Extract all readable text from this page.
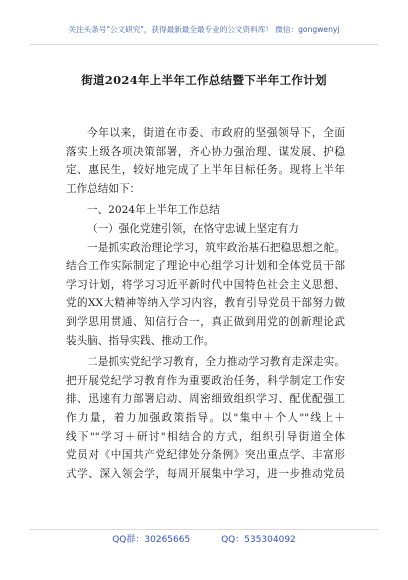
关注头条号"公文研究"，获得最新最全最专业的公文资料库！ 微信：gongwenyj
街道2024年上半年工作总结暨下半年工作计划
今年以来，街道在市委、市政府的坚强领导下，全面
落实上级各项决策部署，齐心协力强治理、谋发展、护稳
定、惠民生，较好地完成了上半年目标任务。现将上半年
工作总结如下：
一、2024年上半年工作总结
（一）强化党建引领，在恪守忠诚上坚定有力
一是抓实政治理论学习，筑牢政治基石把稳思想之舵。
结合工作实际制定了理论中心组学习计划和全体党员干部
学习计划，将学习习近平新时代中国特色社会主义思想、
党的XX大精神等纳入学习内容，教育引导党员干部努力做
到学思用贯通、知信行合一，真正做到用党的创新理论武
装头脑、指导实践、推动工作。
二是抓实党纪学习教育，全力推动学习教育走深走实。
把开展党纪学习教育作为重要政治任务，科学制定工作安
排、迅速有力部署启动、周密细致组织学习、配优配强工
作力量，着力加强政策指导。以"集中＋个人""线上＋
线下""学习＋研讨"相结合的方式，组织引导街道全体
党员对《中国共产党纪律处分条例》突出重点学、丰富形
式学、深入领会学，每周开展集中学习，进一步推动党员
QQ群：30265665	QQ：535304092
